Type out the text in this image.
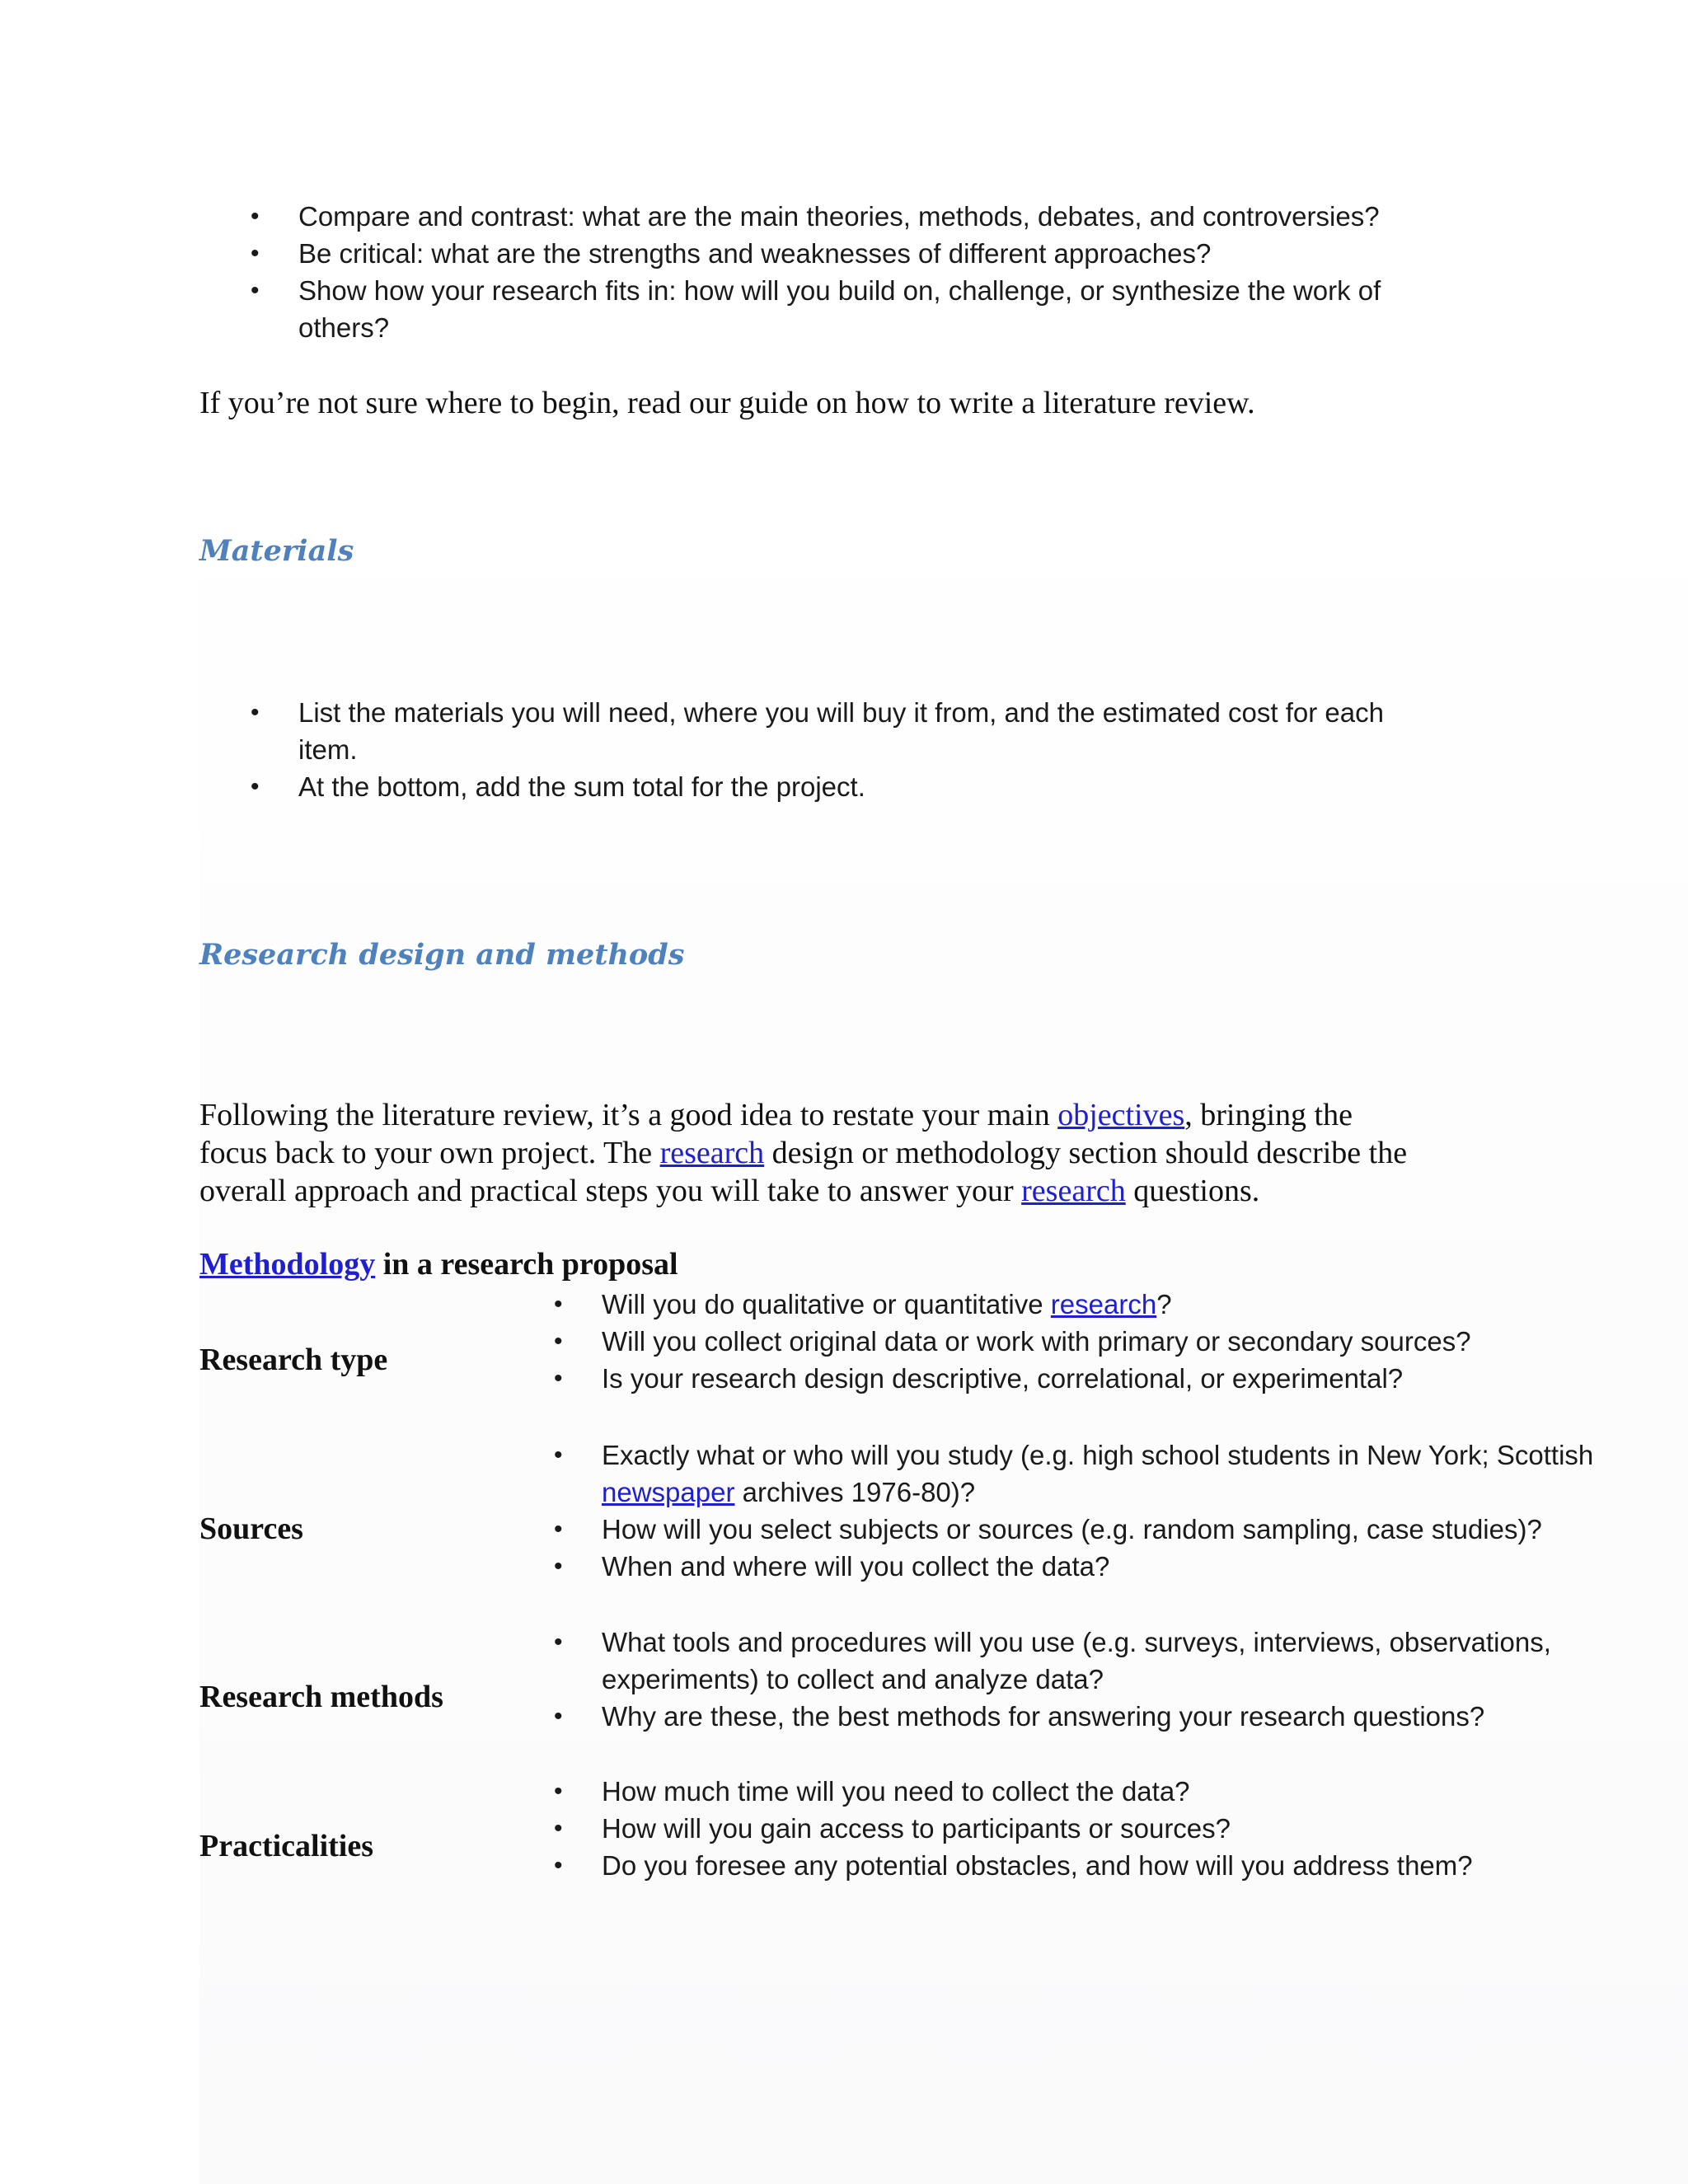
• Compare and contrast: what are the main theories, methods, debates, and controversies?
• Be critical: what are the strengths and weaknesses of different approaches?
• Show how your research fits in: how will you build on, challenge, or synthesize the work of
others?
If you’re not sure where to begin, read our guide on how to write a literature review.
Materials
• List the materials you will need, where you will buy it from, and the estimated cost for each
item.
• At the bottom, add the sum total for the project.
Research design and methods
Following the literature review, it’s a good idea to restate your main objectives, bringing the
focus back to your own project. The research design or methodology section should describe the
overall approach and practical steps you will take to answer your research questions.
Methodology in a research proposal
Research type
• Will you do qualitative or quantitative research?
• Will you collect original data or work with primary or secondary sources?
• Is your research design descriptive, correlational, or experimental?
Sources
• Exactly what or who will you study (e.g. high school students in New York; Scottish
newspaper archives 1976-80)?
• How will you select subjects or sources (e.g. random sampling, case studies)?
• When and where will you collect the data?
Research methods
• What tools and procedures will you use (e.g. surveys, interviews, observations,
experiments) to collect and analyze data?
• Why are these, the best methods for answering your research questions?
Practicalities
• How much time will you need to collect the data?
• How will you gain access to participants or sources?
• Do you foresee any potential obstacles, and how will you address them?
